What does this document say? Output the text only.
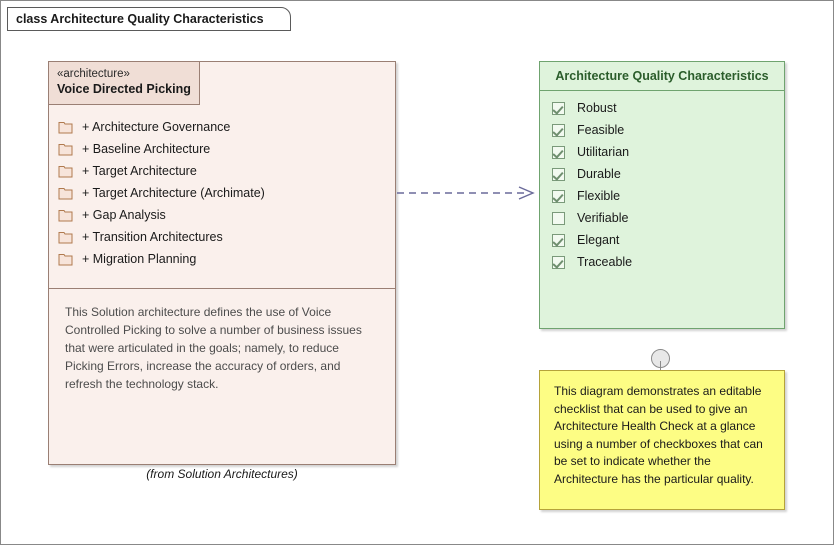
class Architecture Quality Characteristics
+ Architecture Governance
+ Baseline Architecture
+ Target Architecture
+ Target Architecture (Archimate)
+ Gap Analysis
+ Transition Architectures
+ Migration Planning

This Solution architecture defines the use of Voice Controlled Picking to solve a number of business issues that were articulated in the goals; namely, to reduce Picking Errors, increase the accuracy of orders, and refresh the technology stack.

«architecture»
Voice Directed Picking
(from Solution Architectures)
Architecture Quality Characteristics
Robust
Feasible
Utilitarian
Durable
Flexible
Verifiable
Elegant
Traceable

This diagram demonstrates an editable checklist that can be used to give an Architecture Health Check at a glance using a number of checkboxes that can be set to indicate whether the Architecture has the particular quality.
